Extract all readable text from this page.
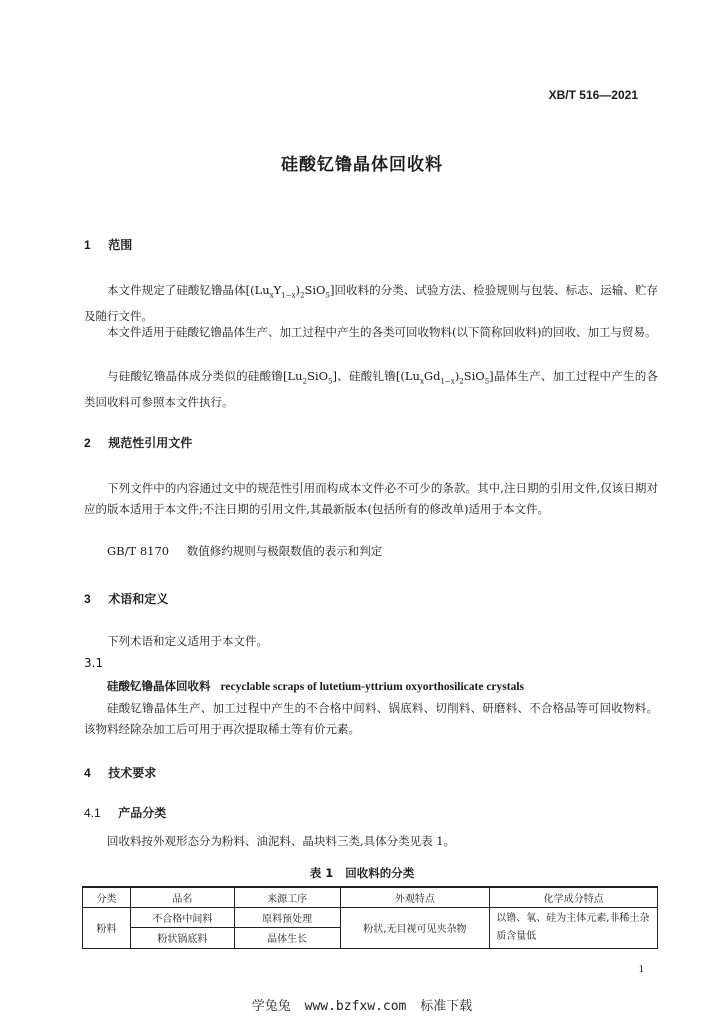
XB/T 516—2021
硅酸钇镥晶体回收料
1 范围
本文件规定了硅酸钇镥晶体$[(Lu_xY_{1-x})_2SiO_5]$回收料的分类、试验方法、检验规则与包装、标志、运输、贮存及随行文件。
本文件适用于硅酸钇镥晶体生产、加工过程中产生的各类可回收物料(以下简称回收料)的回收、加工与贸易。
与硅酸钇镥晶体成分类似的硅酸镥$[Lu_2SiO_5]$、硅酸钆镥$[(Lu_xGd_{1-x})_2SiO_5]$晶体生产、加工过程中产生的各类回收料可参照本文件执行。
2 规范性引用文件
下列文件中的内容通过文中的规范性引用而构成本文件必不可少的条款。其中,注日期的引用文件,仅该日期对应的版本适用于本文件;不注日期的引用文件,其最新版本(包括所有的修改单)适用于本文件。
GB/T 8170 数值修约规则与极限数值的表示和判定
3 术语和定义
下列术语和定义适用于本文件。
3.1
硅酸钇镥晶体回收料 recyclable scraps of lutetium-yttrium oxyorthosilicate crystals
硅酸钇镥晶体生产、加工过程中产生的不合格中间料、锅底料、切削料、研磨料、不合格品等可回收物料。该物料经除杂加工后可用于再次提取稀土等有价元素。
4 技术要求
4.1 产品分类
回收料按外观形态分为粉料、油泥料、晶块料三类,具体分类见表 1。
表 1 回收料的分类
分类	品名	来源工序	外观特点	化学成分特点
粉料	不合格中间料	原料预处理	粉状,无目视可见夹杂物	以镥、氧、硅为主体元素,非稀土杂质含量低
	粉状锅底料	晶体生长		
1
学兔兔 www.bzfxw.com 标准下载
